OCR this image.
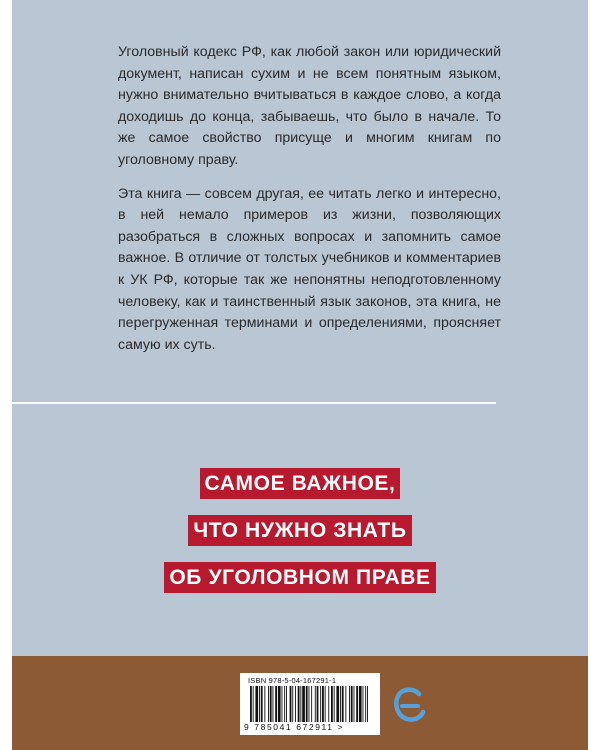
Уголовный кодекс РФ, как любой закон или юридический документ, написан сухим и не всем понятным языком, нужно внимательно вчитываться в каждое слово, а когда доходишь до конца, забываешь, что было в начале. То же самое свойство присуще и многим книгам по уголовному праву.

Эта книга — совсем другая, ее читать легко и интересно, в ней немало примеров из жизни, позволяющих разобраться в сложных вопросах и запомнить самое важное. В отличие от толстых учебников и комментариев к УК РФ, которые так же непонятны неподготовленному человеку, как и таинственный язык законов, эта книга, не перегруженная терминами и определениями, проясняет самую их суть.

САМОЕ ВАЖНОЕ,
ЧТО НУЖНО ЗНАТЬ
ОБ УГОЛОВНОМ ПРАВЕ
ISBN 978-5-04-167291-1
9 785041 672911 >
